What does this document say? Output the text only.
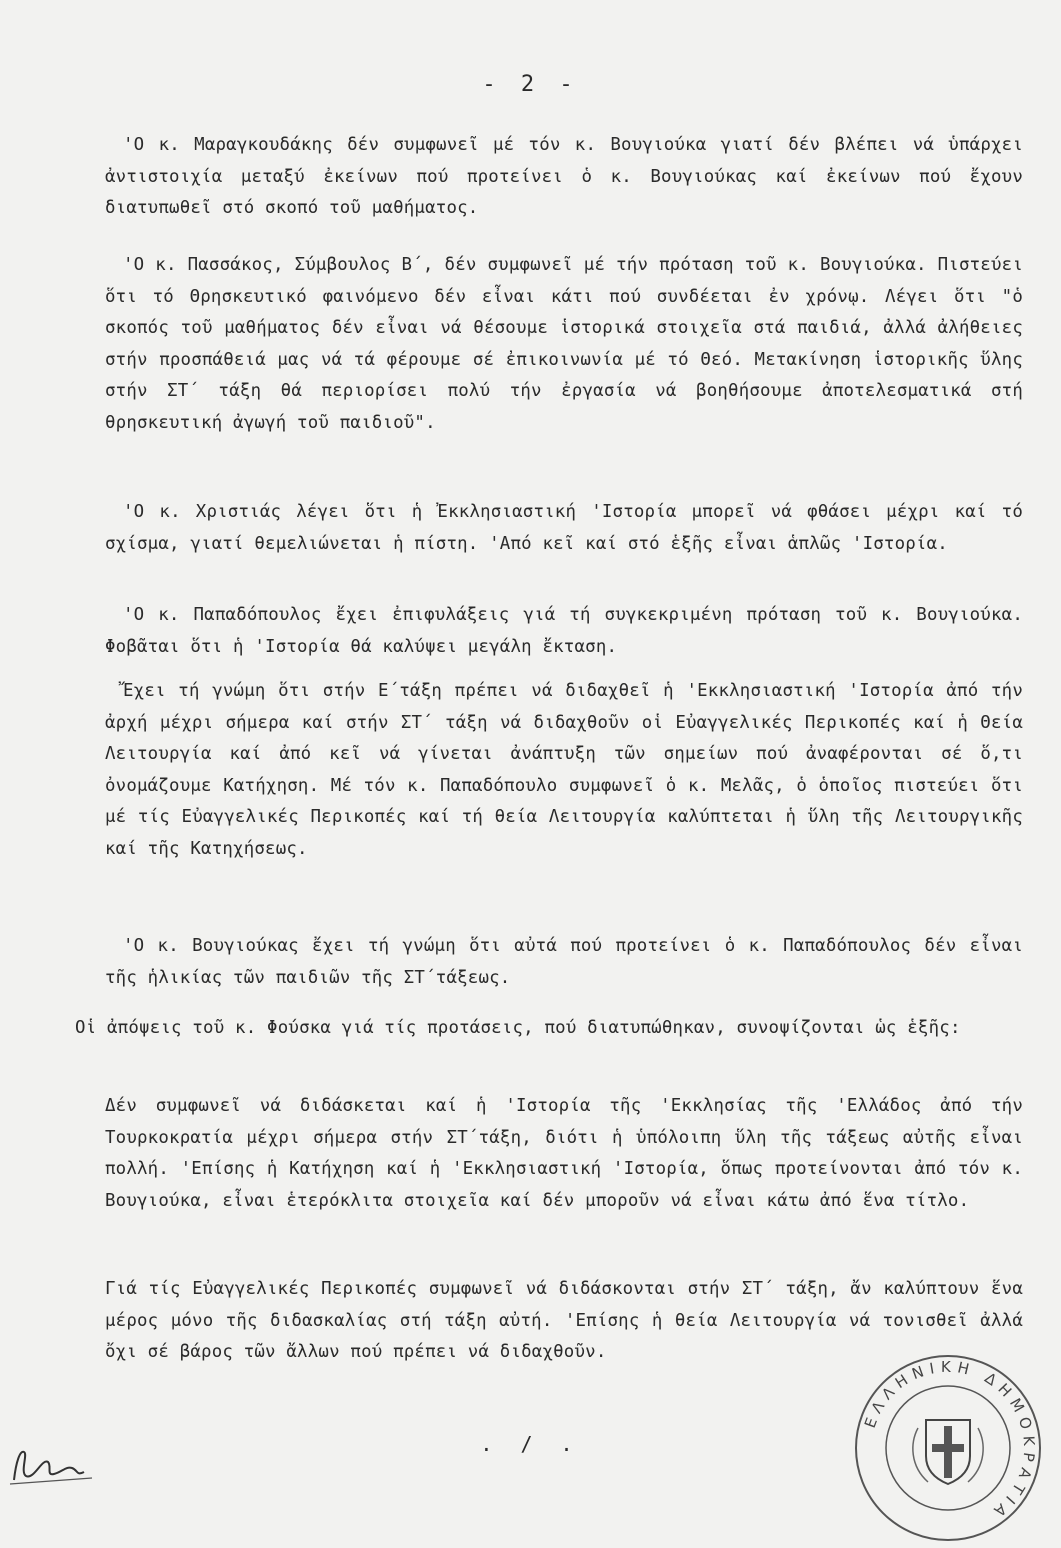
- 2 -

'Ο κ. Μαραγκουδάκης δέν συμφωνεῖ μέ τόν κ. Βουγιούκα γιατί δέν βλέπει νά ὑπάρχει ἀντιστοιχία μεταξύ ἐκείνων πού προτείνει ὁ κ. Βουγιούκας καί ἐκείνων πού ἔχουν διατυπωθεῖ στό σκοπό τοῦ μαθήματος.

'Ο κ. Πασσάκος, Σύμβουλος Β΄, δέν συμφωνεῖ μέ τήν πρόταση τοῦ κ. Βουγιούκα. Πιστεύει ὅτι τό Θρησκευτικό φαινόμενο δέν εἶναι κάτι πού συνδέεται ἐν χρόνῳ. Λέγει ὅτι "ὁ σκοπός τοῦ μαθήματος δέν εἶναι νά θέσουμε ἱστορικά στοιχεῖα στά παιδιά, ἀλλά ἀλήθειες στήν προσπάθειά μας νά τά φέρουμε σέ ἐπικοινωνία μέ τό Θεό. Μετακίνηση ἱστορικῆς ὕλης στήν ΣΤ΄ τάξη θά περιορίσει πολύ τήν ἐργασία νά βοηθήσουμε ἀποτελεσματικά στή θρησκευτική ἀγωγή τοῦ παιδιοῦ".

'Ο κ. Χριστιάς λέγει ὅτι ἡ Ἐκκλησιαστική 'Ιστορία μπορεῖ νά φθάσει μέχρι καί τό σχίσμα, γιατί θεμελιώνεται ἡ πίστη. 'Από κεῖ καί στό ἑξῆς εἶναι ἁπλῶς 'Ιστορία.

'Ο κ. Παπαδόπουλος ἔχει ἐπιφυλάξεις γιά τή συγκεκριμένη πρόταση τοῦ κ. Βουγιούκα. Φοβᾶται ὅτι ἡ 'Ιστορία θά καλύψει μεγάλη ἔκταση.

Ἔχει τή γνώμη ὅτι στήν Ε΄τάξη πρέπει νά διδαχθεῖ ἡ 'Εκκλησιαστική 'Ιστορία ἀπό τήν ἀρχή μέχρι σήμερα καί στήν ΣΤ΄ τάξη νά διδαχθοῦν οἱ Εὐαγγελικές Περικοπές καί ἡ Θεία Λειτουργία καί ἀπό κεῖ νά γίνεται ἀνάπτυξη τῶν σημείων πού ἀναφέρονται σέ ὅ,τι ὀνομάζουμε Κατήχηση. Μέ τόν κ. Παπαδόπουλο συμφωνεῖ ὁ κ. Μελᾶς, ὁ ὁποῖος πιστεύει ὅτι μέ τίς Εὐαγγελικές Περικοπές καί τή θεία Λειτουργία καλύπτεται ἡ ὕλη τῆς Λειτουργικῆς καί τῆς Κατηχήσεως.

'Ο κ. Βουγιούκας ἔχει τή γνώμη ὅτι αὐτά πού προτείνει ὁ κ. Παπαδόπουλος δέν εἶναι τῆς ἡλικίας τῶν παιδιῶν τῆς ΣΤ΄τάξεως.

Οἱ ἀπόψεις τοῦ κ. Φούσκα γιά τίς προτάσεις, πού διατυπώθηκαν, συνοψίζονται ὡς ἑξῆς:

Δέν συμφωνεῖ νά διδάσκεται καί ἡ 'Ιστορία τῆς 'Εκκλησίας τῆς 'Ελλάδος ἀπό τήν Τουρκοκρατία μέχρι σήμερα στήν ΣΤ΄τάξη, διότι ἡ ὑπόλοιπη ὕλη τῆς τάξεως αὐτῆς εἶναι πολλή. 'Επίσης ἡ Κατήχηση καί ἡ 'Εκκλησιαστική 'Ιστορία, ὅπως προτείνονται ἀπό τόν κ. Βουγιούκα, εἶναι ἑτερόκλιτα στοιχεῖα καί δέν μποροῦν νά εἶναι κάτω ἀπό ἕνα τίτλο.

Γιά τίς Εὐαγγελικές Περικοπές συμφωνεῖ νά διδάσκονται στήν ΣΤ΄ τάξη, ἄν καλύπτουν ἕνα μέρος μόνο τῆς διδασκαλίας στή τάξη αὐτή. 'Επίσης ἡ θεία Λειτουργία νά τονισθεῖ ἀλλά ὄχι σέ βάρος τῶν ἄλλων πού πρέπει νά διδαχθοῦν.

. / .
ΕΛΛΗΝΙΚΗ ΔΗΜΟΚΡΑΤΙΑ
